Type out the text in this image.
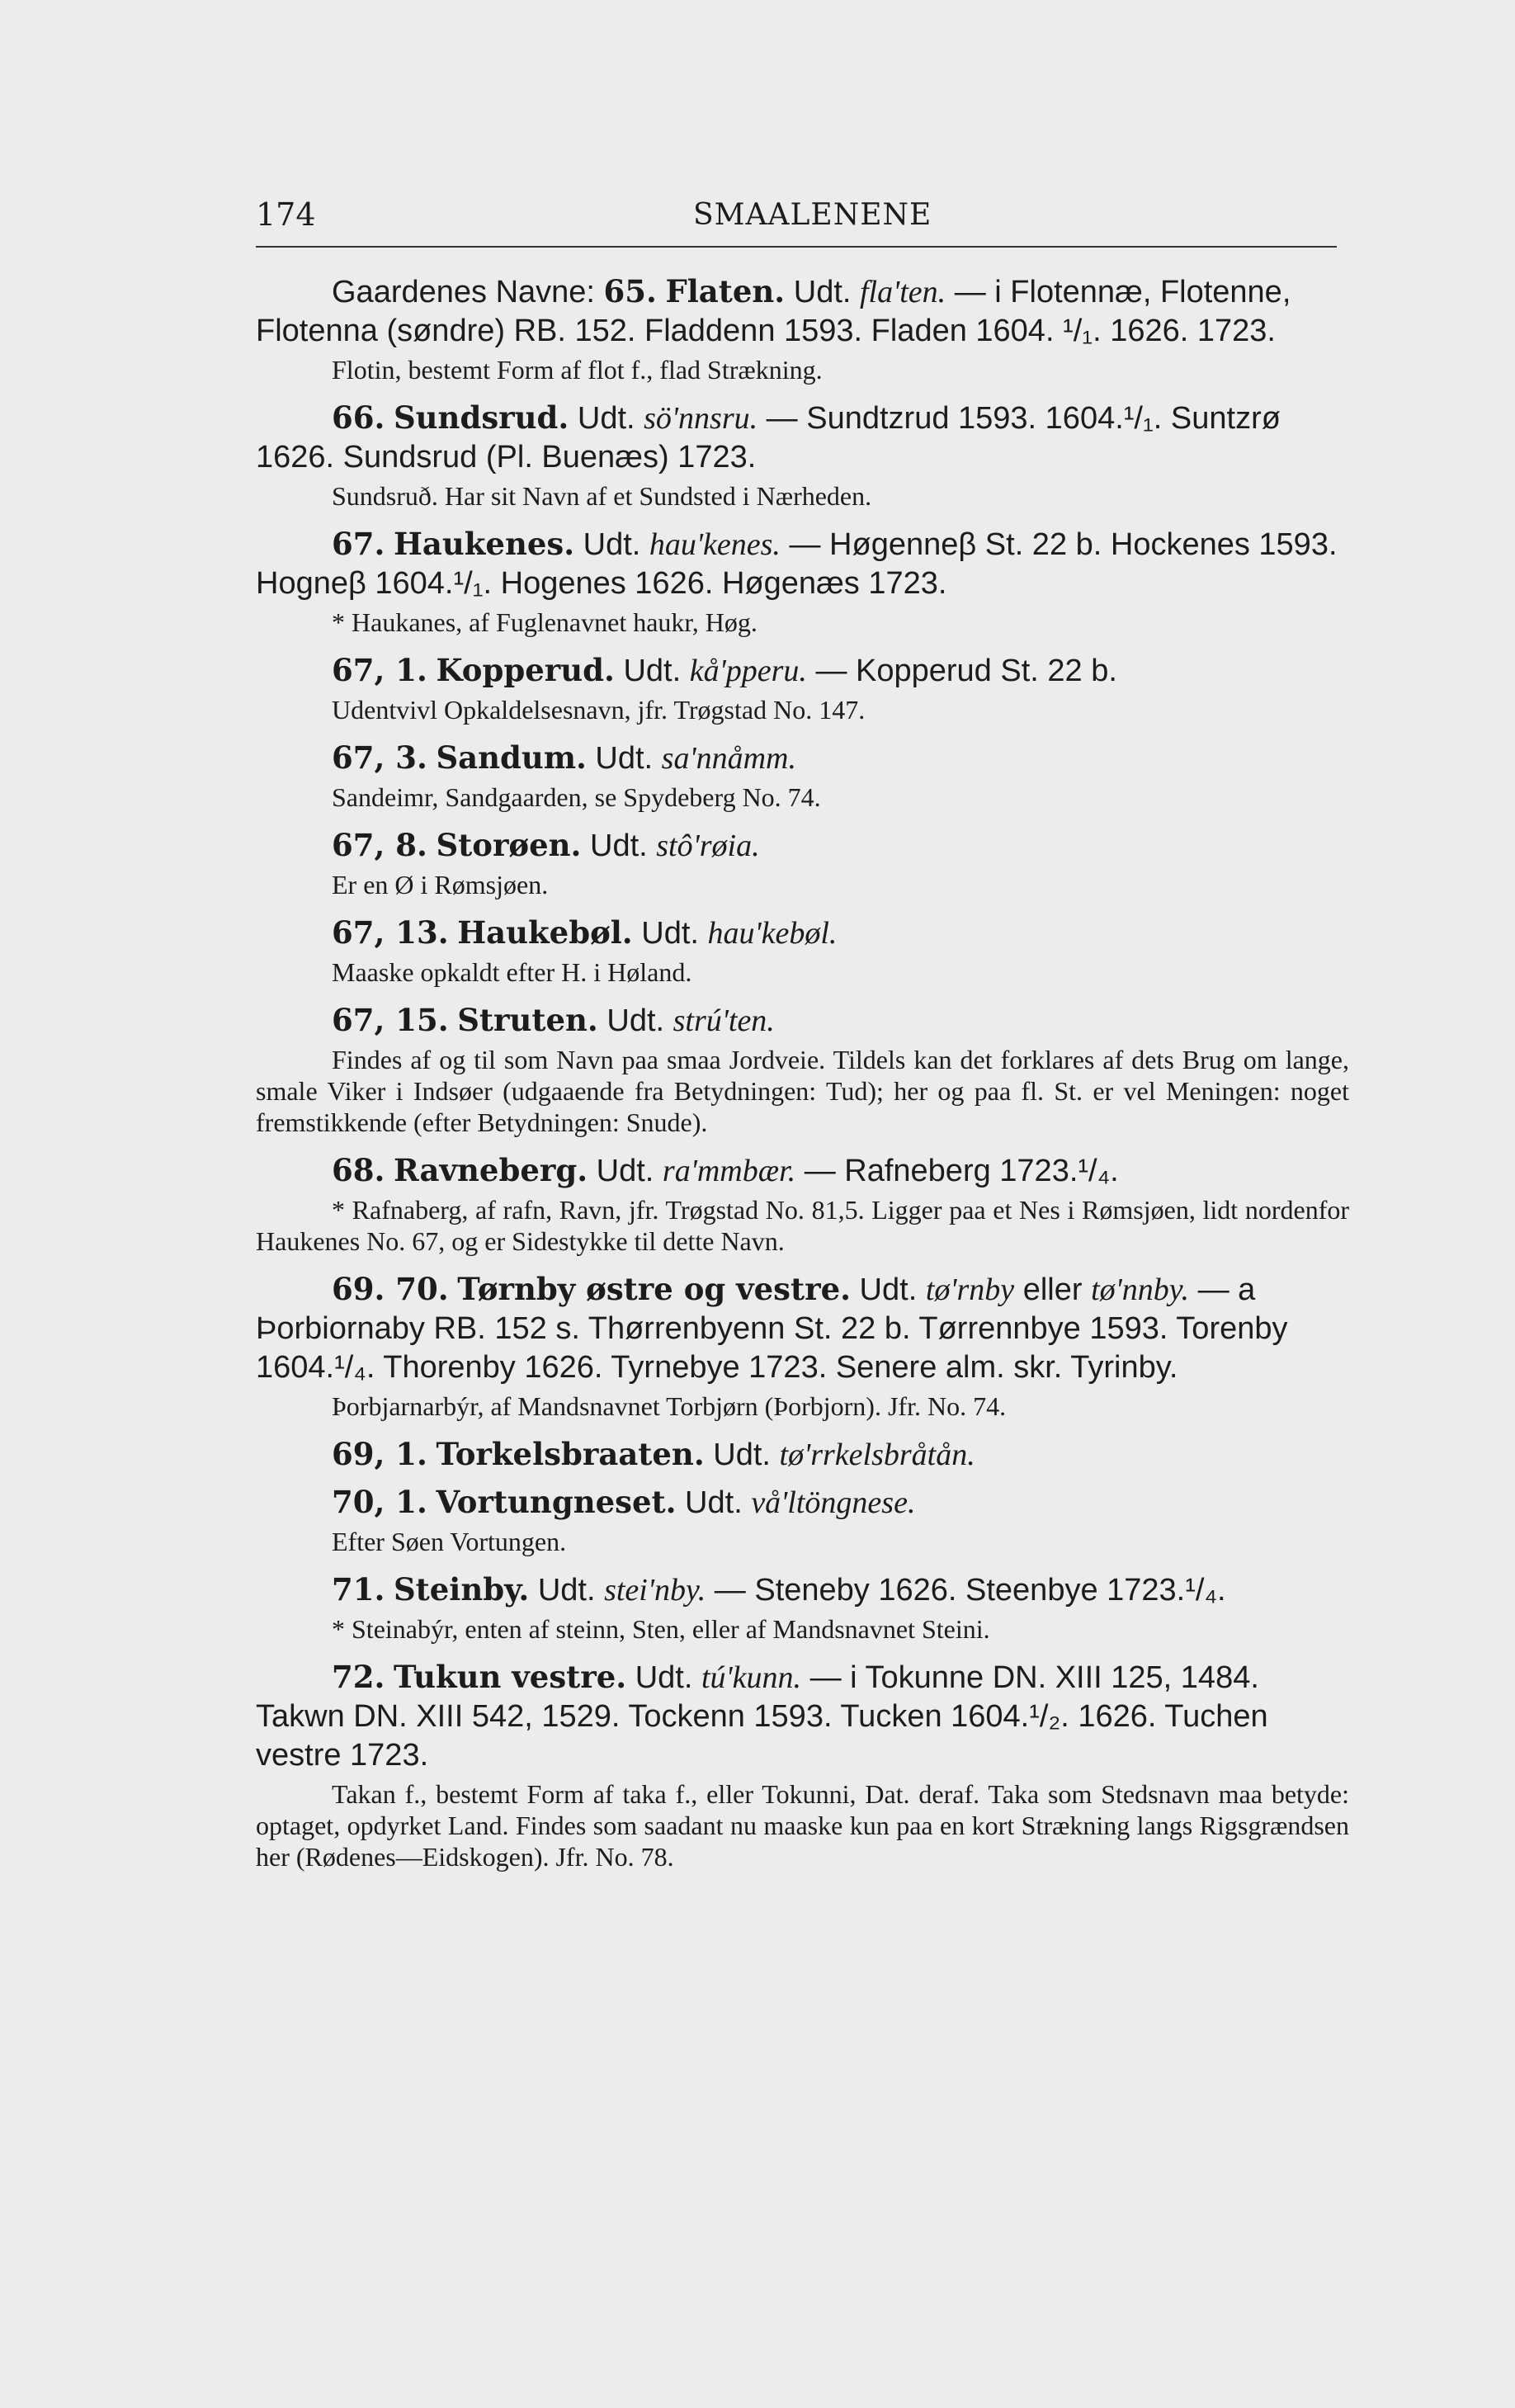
174	SMAALENENE

Gaardenes Navne: 65. Flaten. Udt. fla'ten. — i Flotennæ, Flotenne, Flotenna (søndre) RB. 152. Fladdenn 1593. Fladen 1604. ¹/₁. 1626. 1723.

Flotin, bestemt Form af flot f., flad Strækning.

66. Sundsrud. Udt. sö'nnsru. — Sundtzrud 1593. 1604.¹/₁. Suntzrø 1626. Sundsrud (Pl. Buenæs) 1723.

Sundsruð. Har sit Navn af et Sundsted i Nærheden.

67. Haukenes. Udt. hau'kenes. — Høgenneβ St. 22 b. Hockenes 1593. Hogneβ 1604.¹/₁. Hogenes 1626. Høgenæs 1723.

* Haukanes, af Fuglenavnet haukr, Høg.

67, 1. Kopperud. Udt. kå'pperu. — Kopperud St. 22 b.

Udentvivl Opkaldelsesnavn, jfr. Trøgstad No. 147.

67, 3. Sandum. Udt. sa'nnåmm.

Sandeimr, Sandgaarden, se Spydeberg No. 74.

67, 8. Storøen. Udt. stô'røia.

Er en Ø i Rømsjøen.

67, 13. Haukebøl. Udt. hau'kebøl.

Maaske opkaldt efter H. i Høland.

67, 15. Struten. Udt. strú'ten.

Findes af og til som Navn paa smaa Jordveie. Tildels kan det forklares af dets Brug om lange, smale Viker i Indsøer (udgaaende fra Betydningen: Tud); her og paa fl. St. er vel Meningen: noget fremstikkende (efter Betydningen: Snude).

68. Ravneberg. Udt. ra'mmbær. — Rafneberg 1723.¹/₄.

* Rafnaberg, af rafn, Ravn, jfr. Trøgstad No. 81,5. Ligger paa et Nes i Rømsjøen, lidt nordenfor Haukenes No. 67, og er Sidestykke til dette Navn.

69. 70. Tørnby østre og vestre. Udt. tø'rnby eller tø'nnby. — a Þorbiornaby RB. 152 s. Thørrenbyenn St. 22 b. Tørrennbye 1593. Torenby 1604.¹/₄. Thorenby 1626. Tyrnebye 1723. Senere alm. skr. Tyrinby.

Þorbjarnarbýr, af Mandsnavnet Torbjørn (Þorbjorn). Jfr. No. 74.

69, 1. Torkelsbraaten. Udt. tø'rrkelsbråtån.

70, 1. Vortungneset. Udt. vå'ltöngnese.

Efter Søen Vortungen.

71. Steinby. Udt. stei'nby. — Steneby 1626. Steenbye 1723.¹/₄.

* Steinabýr, enten af steinn, Sten, eller af Mandsnavnet Steini.

72. Tukun vestre. Udt. tú'kunn. — i Tokunne DN. XIII 125, 1484. Takwn DN. XIII 542, 1529. Tockenn 1593. Tucken 1604.¹/₂. 1626. Tuchen vestre 1723.

Takan f., bestemt Form af taka f., eller Tokunni, Dat. deraf. Taka som Stedsnavn maa betyde: optaget, opdyrket Land. Findes som saadant nu maaske kun paa en kort Strækning langs Rigsgrændsen her (Rødenes—Eidskogen). Jfr. No. 78.
